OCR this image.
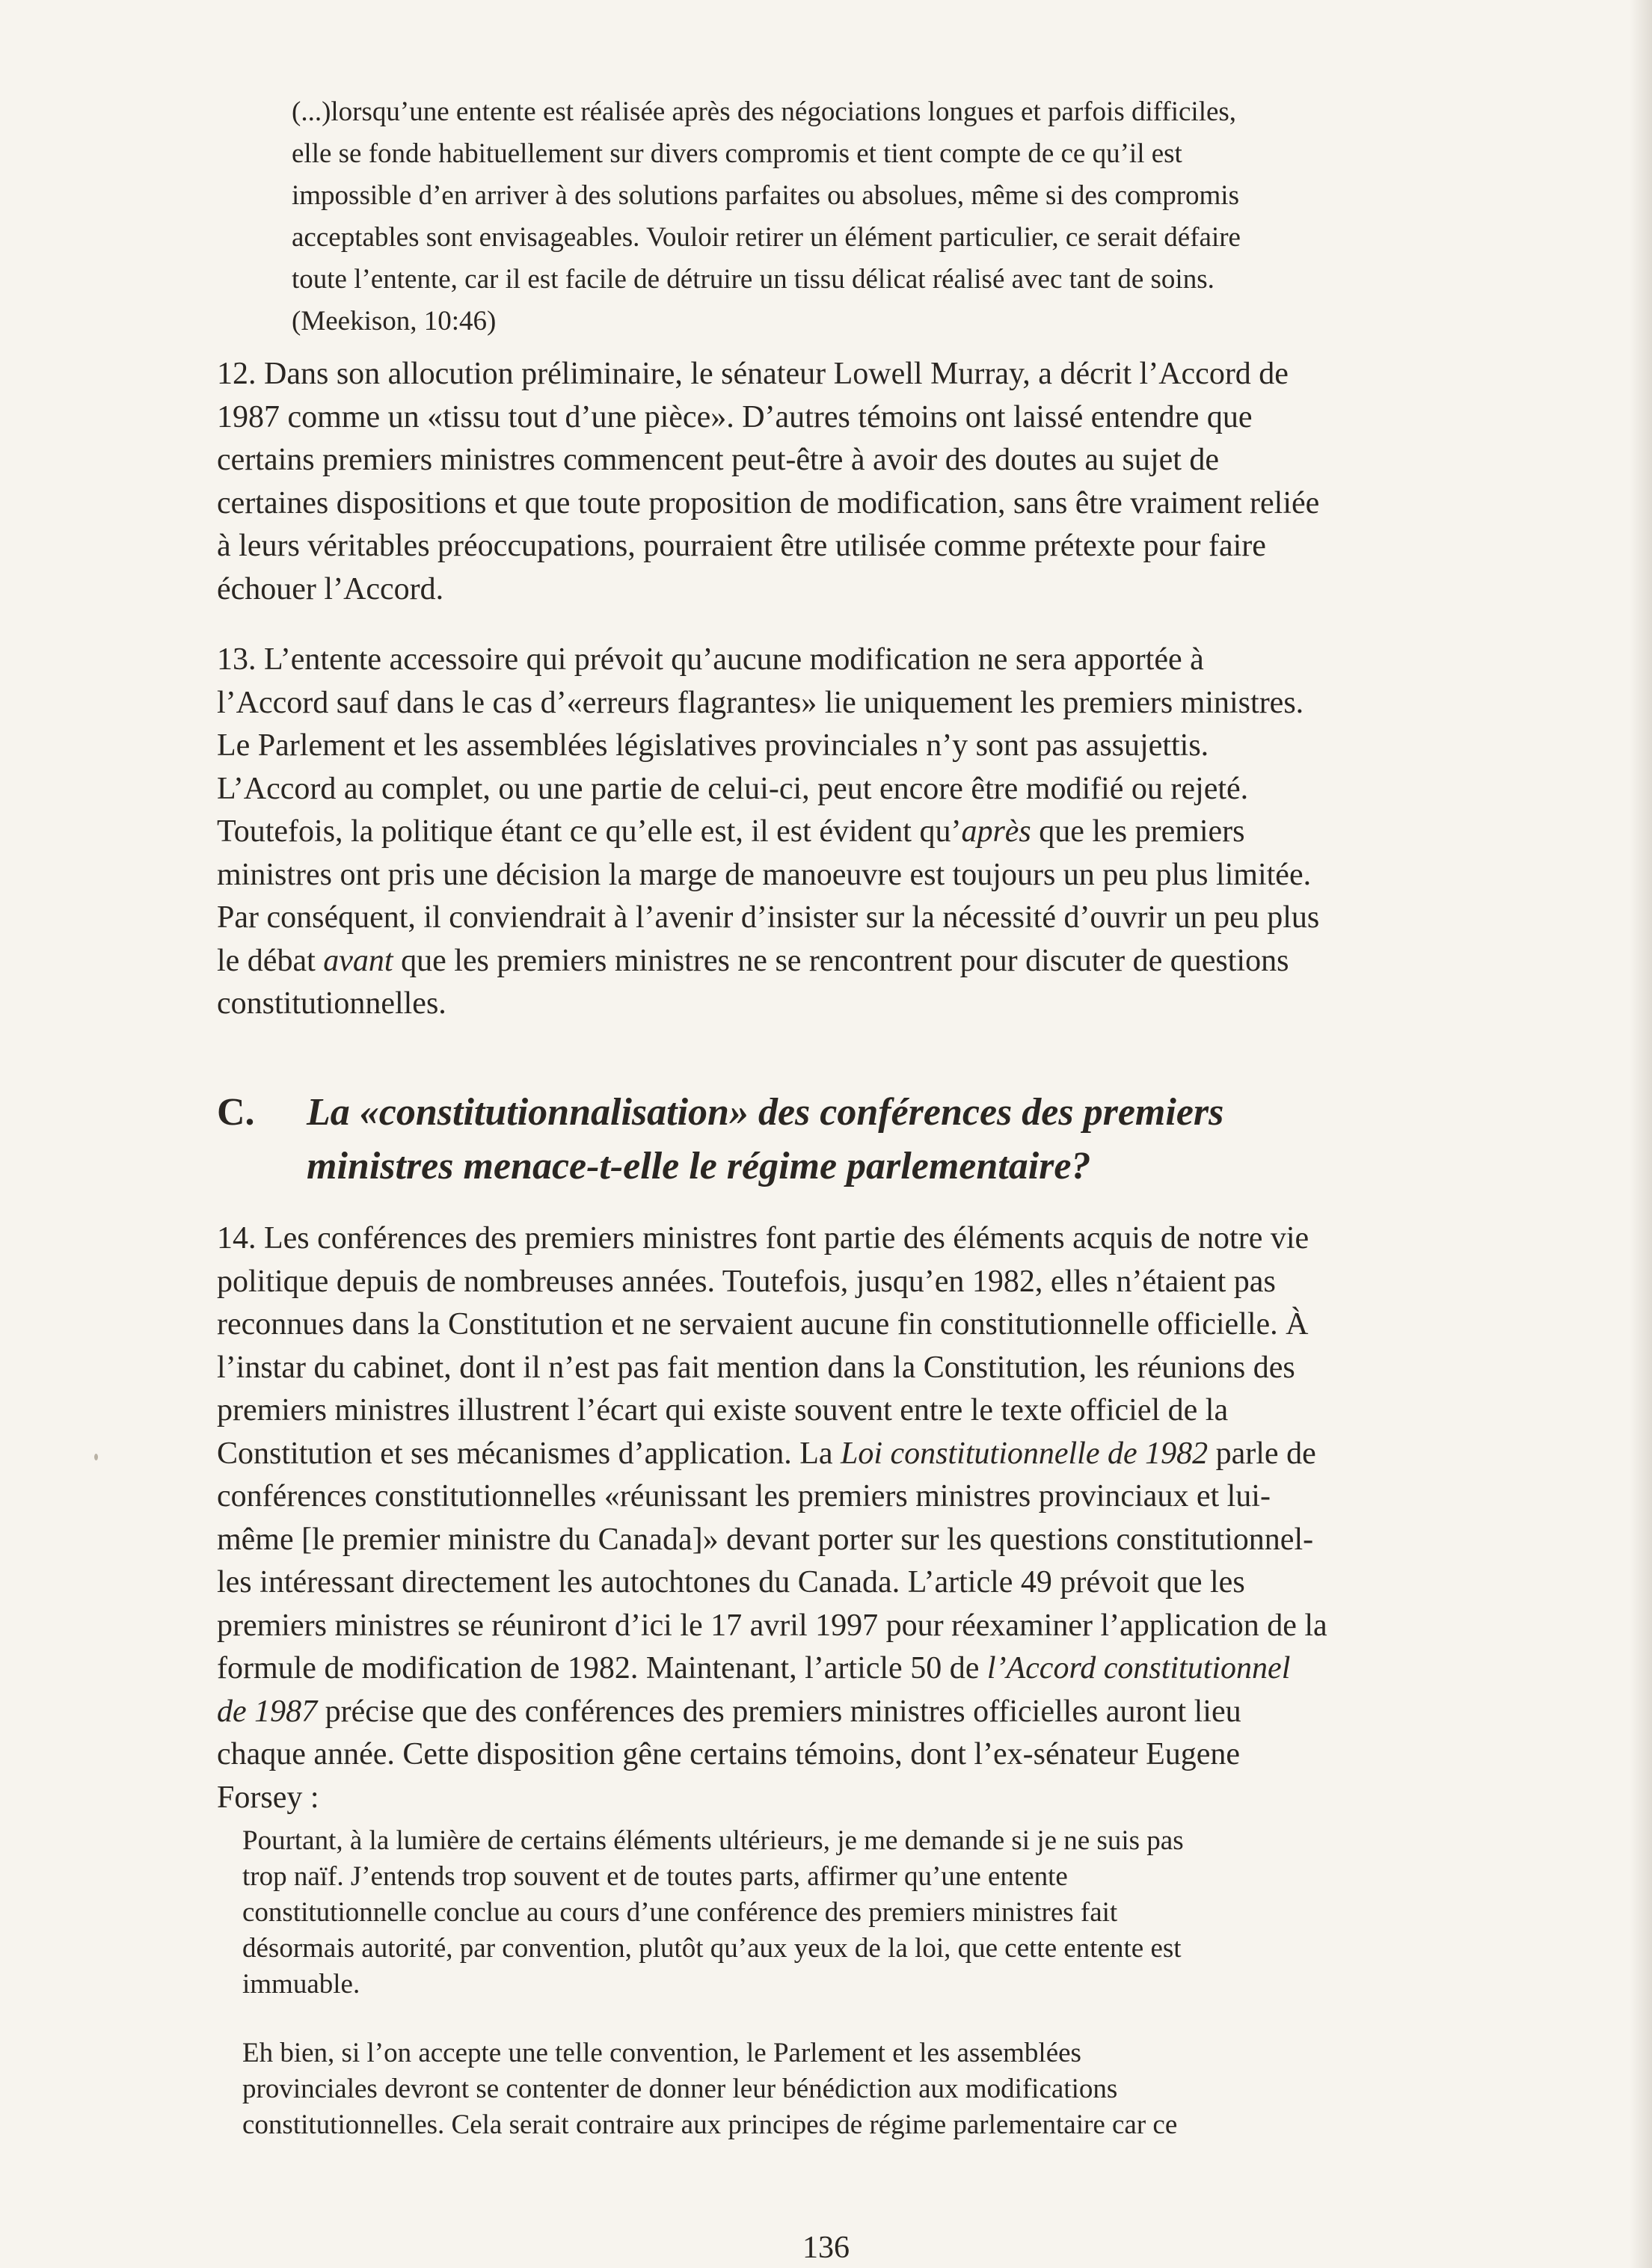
(...)lorsqu’une entente est réalisée après des négociations longues et parfois difficiles,
elle se fonde habituellement sur divers compromis et tient compte de ce qu’il est
impossible d’en arriver à des solutions parfaites ou absolues, même si des compromis
acceptables sont envisageables. Vouloir retirer un élément particulier, ce serait défaire
toute l’entente, car il est facile de détruire un tissu délicat réalisé avec tant de soins.
(Meekison, 10:46)
12. Dans son allocution préliminaire, le sénateur Lowell Murray, a décrit l’Accord de
1987 comme un «tissu tout d’une pièce». D’autres témoins ont laissé entendre que
certains premiers ministres commencent peut-être à avoir des doutes au sujet de
certaines dispositions et que toute proposition de modification, sans être vraiment reliée
à leurs véritables préoccupations, pourraient être utilisée comme prétexte pour faire
échouer l’Accord.
13. L’entente accessoire qui prévoit qu’aucune modification ne sera apportée à
l’Accord sauf dans le cas d’«erreurs flagrantes» lie uniquement les premiers ministres.
Le Parlement et les assemblées législatives provinciales n’y sont pas assujettis.
L’Accord au complet, ou une partie de celui-ci, peut encore être modifié ou rejeté.
Toutefois, la politique étant ce qu’elle est, il est évident qu’après que les premiers
ministres ont pris une décision la marge de manoeuvre est toujours un peu plus limitée.
Par conséquent, il conviendrait à l’avenir d’insister sur la nécessité d’ouvrir un peu plus
le débat avant que les premiers ministres ne se rencontrent pour discuter de questions
constitutionnelles.
C. La «constitutionnalisation» des conférences des premiers
ministres menace-t-elle le régime parlementaire?
14. Les conférences des premiers ministres font partie des éléments acquis de notre vie
politique depuis de nombreuses années. Toutefois, jusqu’en 1982, elles n’étaient pas
reconnues dans la Constitution et ne servaient aucune fin constitutionnelle officielle. À
l’instar du cabinet, dont il n’est pas fait mention dans la Constitution, les réunions des
premiers ministres illustrent l’écart qui existe souvent entre le texte officiel de la
Constitution et ses mécanismes d’application. La Loi constitutionnelle de 1982 parle de
conférences constitutionnelles «réunissant les premiers ministres provinciaux et lui-
même [le premier ministre du Canada]» devant porter sur les questions constitutionnel-
les intéressant directement les autochtones du Canada. L’article 49 prévoit que les
premiers ministres se réuniront d’ici le 17 avril 1997 pour réexaminer l’application de la
formule de modification de 1982. Maintenant, l’article 50 de l’Accord constitutionnel
de 1987 précise que des conférences des premiers ministres officielles auront lieu
chaque année. Cette disposition gêne certains témoins, dont l’ex-sénateur Eugene
Forsey :
Pourtant, à la lumière de certains éléments ultérieurs, je me demande si je ne suis pas
trop naïf. J’entends trop souvent et de toutes parts, affirmer qu’une entente
constitutionnelle conclue au cours d’une conférence des premiers ministres fait
désormais autorité, par convention, plutôt qu’aux yeux de la loi, que cette entente est
immuable.
Eh bien, si l’on accepte une telle convention, le Parlement et les assemblées
provinciales devront se contenter de donner leur bénédiction aux modifications
constitutionnelles. Cela serait contraire aux principes de régime parlementaire car ce
136
